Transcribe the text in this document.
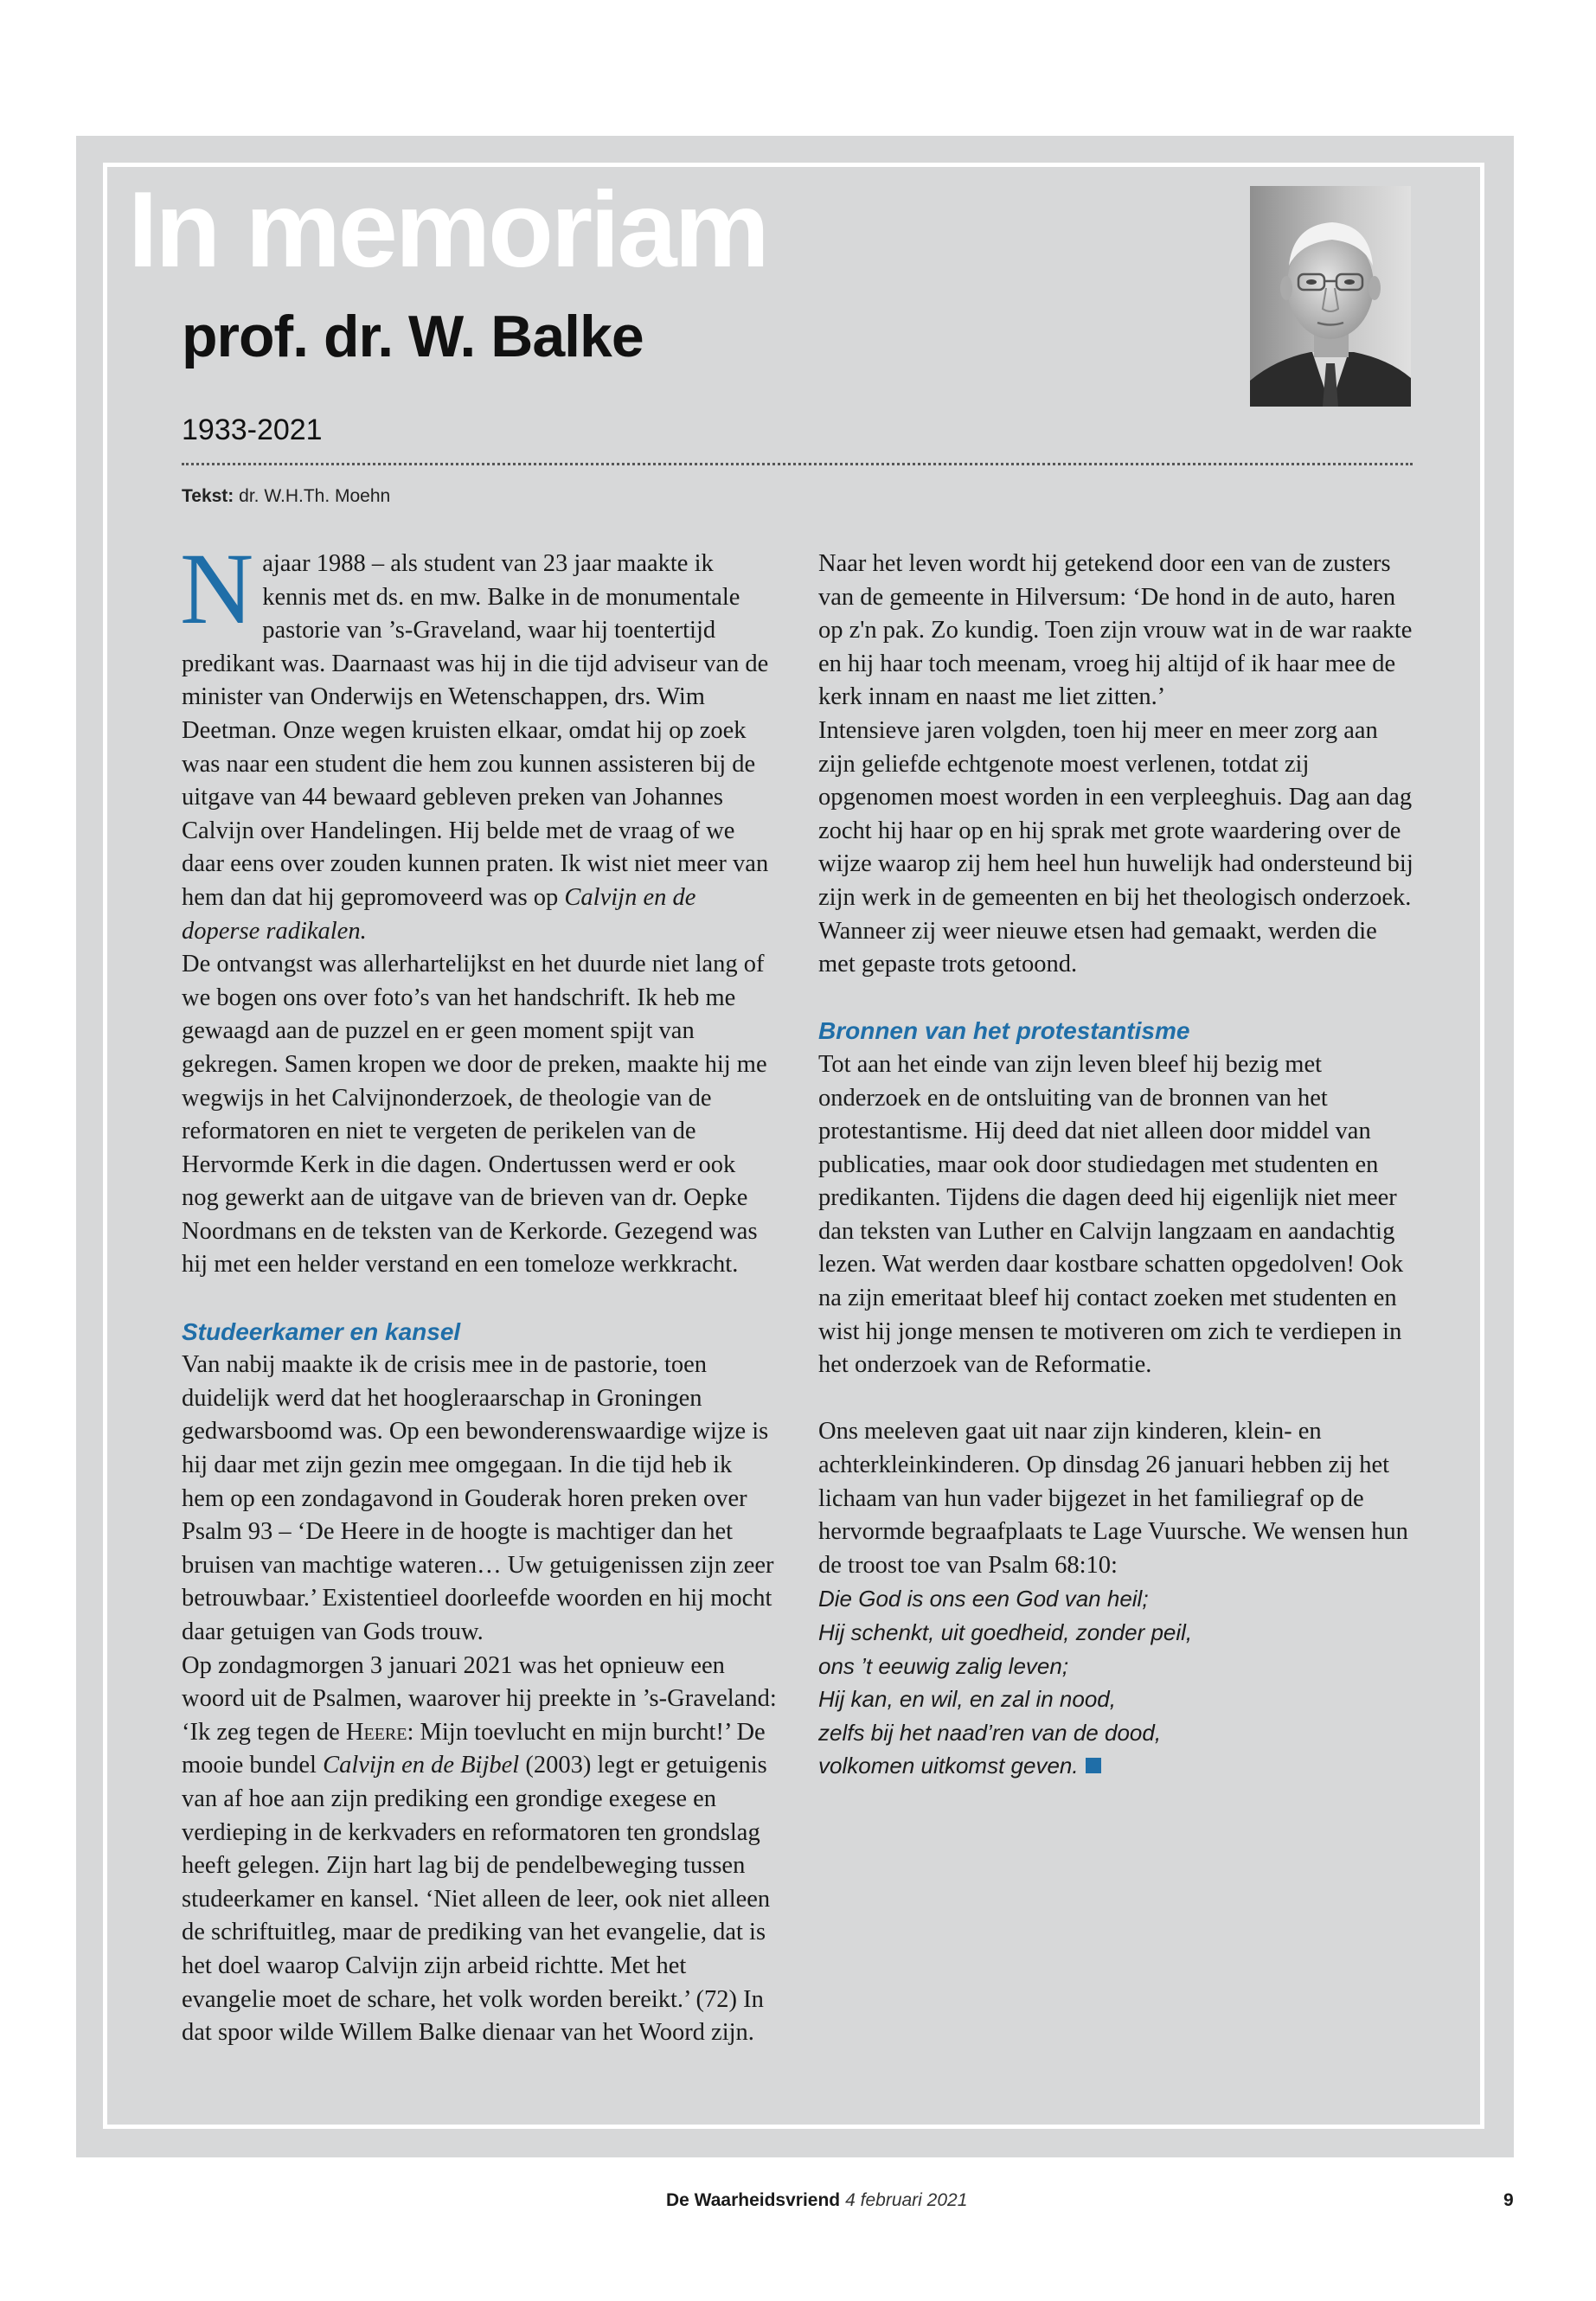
In memoriam
prof. dr. W. Balke
1933-2021
Tekst: dr. W.H.Th. Moehn

N ajaar 1988 – als student van 23 jaar maakte ik kennis met ds. en mw. Balke in de monumentale pastorie van ’s-Graveland, waar hij toentertijd predikant was. Daarnaast was hij in die tijd adviseur van de minister van Onderwijs en Wetenschappen, drs. Wim Deetman. Onze wegen kruisten elkaar, omdat hij op zoek was naar een student die hem zou kunnen assisteren bij de uitgave van 44 bewaard gebleven preken van Johannes Calvijn over Handelingen. Hij belde met de vraag of we daar eens over zouden kunnen praten. Ik wist niet meer van hem dan dat hij gepromoveerd was op Calvijn en de doperse radikalen.

De ontvangst was allerhartelijkst en het duurde niet lang of we bogen ons over foto’s van het handschrift. Ik heb me gewaagd aan de puzzel en er geen moment spijt van gekregen. Samen kropen we door de preken, maakte hij me wegwijs in het Calvijnonderzoek, de theologie van de reformatoren en niet te vergeten de perikelen van de Hervormde Kerk in die dagen. Ondertussen werd er ook nog gewerkt aan de uitgave van de brieven van dr. Oepke Noordmans en de teksten van de Kerkorde. Gezegend was hij met een helder verstand en een tomeloze werkkracht.

Studeerkamer en kansel

Van nabij maakte ik de crisis mee in de pastorie, toen duidelijk werd dat het hoogleraarschap in Groningen gedwarsboomd was. Op een bewonderenswaardige wijze is hij daar met zijn gezin mee omgegaan. In die tijd heb ik hem op een zondagavond in Gouderak horen preken over Psalm 93 – ‘De Heere in de hoogte is machtiger dan het bruisen van machtige wateren… Uw getuigenissen zijn zeer betrouwbaar.’ Existentieel doorleefde woorden en hij mocht daar getuigen van Gods trouw.

Op zondagmorgen 3 januari 2021 was het opnieuw een woord uit de Psalmen, waarover hij preekte in ’s-Graveland: ‘Ik zeg tegen de Heere: Mijn toevlucht en mijn burcht!’ De mooie bundel Calvijn en de Bijbel (2003) legt er getuigenis van af hoe aan zijn prediking een grondige exegese en verdieping in de kerkvaders en reformatoren ten grondslag heeft gelegen. Zijn hart lag bij de pendelbeweging tussen studeerkamer en kansel. ‘Niet alleen de leer, ook niet alleen de schriftuitleg, maar de prediking van het evangelie, dat is het doel waarop Calvijn zijn arbeid richtte. Met het evangelie moet de schare, het volk worden bereikt.’ (72) In dat spoor wilde Willem Balke dienaar van het Woord zijn.

Naar het leven wordt hij getekend door een van de zusters van de gemeente in Hilversum: ‘De hond in de auto, haren op z'n pak. Zo kundig. Toen zijn vrouw wat in de war raakte en hij haar toch meenam, vroeg hij altijd of ik haar mee de kerk innam en naast me liet zitten.’

Intensieve jaren volgden, toen hij meer en meer zorg aan zijn geliefde echtgenote moest verlenen, totdat zij opgenomen moest worden in een verpleeghuis. Dag aan dag zocht hij haar op en hij sprak met grote waardering over de wijze waarop zij hem heel hun huwelijk had ondersteund bij zijn werk in de gemeenten en bij het theologisch onderzoek. Wanneer zij weer nieuwe etsen had gemaakt, werden die met gepaste trots getoond.

Bronnen van het protestantisme

Tot aan het einde van zijn leven bleef hij bezig met onderzoek en de ontsluiting van de bronnen van het protestantisme. Hij deed dat niet alleen door middel van publicaties, maar ook door studiedagen met studenten en predikanten. Tijdens die dagen deed hij eigenlijk niet meer dan teksten van Luther en Calvijn langzaam en aandachtig lezen. Wat werden daar kostbare schatten opgedolven! Ook na zijn emeritaat bleef hij contact zoeken met studenten en wist hij jonge mensen te motiveren om zich te verdiepen in het onderzoek van de Reformatie.

Ons meeleven gaat uit naar zijn kinderen, klein- en achterkleinkinderen. Op dinsdag 26 januari hebben zij het lichaam van hun vader bijgezet in het familiegraf op de hervormde begraafplaats te Lage Vuursche. We wensen hun de troost toe van Psalm 68:10:

Die God is ons een God van heil;
Hij schenkt, uit goedheid, zonder peil,
ons ’t eeuwig zalig leven;
Hij kan, en wil, en zal in nood,
zelfs bij het naad’ren van de dood,
volkomen uitkomst geven.
De Waarheidsvriend 4 februari 2021	9
